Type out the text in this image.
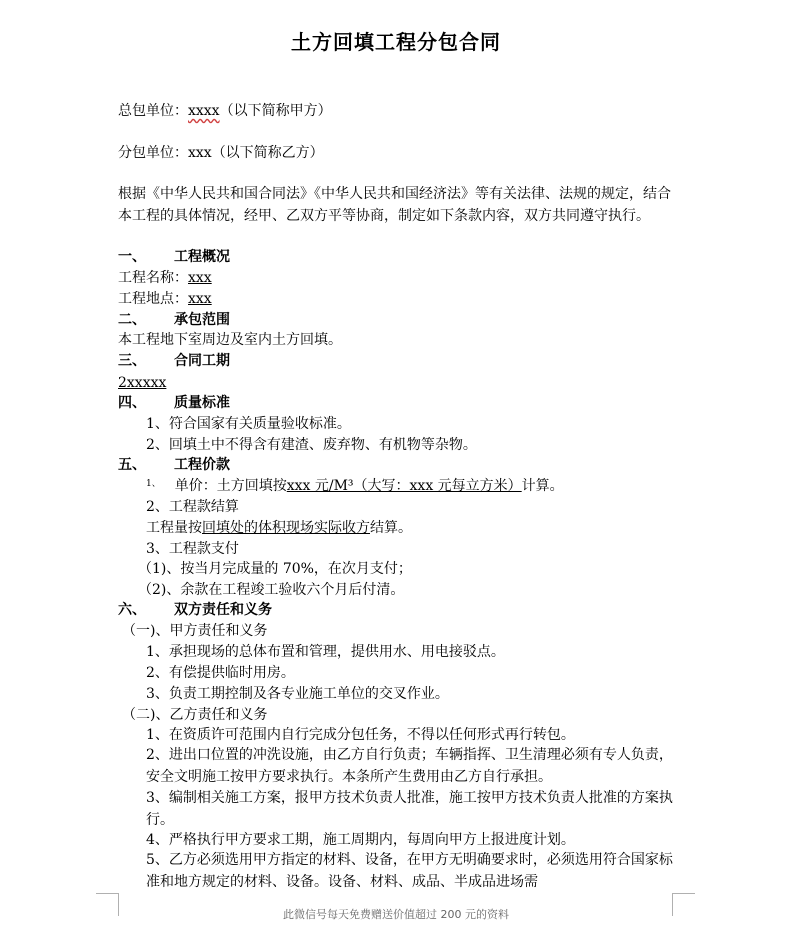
土方回填工程分包合同
总包单位：xxxx（以下简称甲方）
分包单位：xxx（以下简称乙方）
根据《中华人民共和国合同法》《中华人民共和国经济法》等有关法律、法规的规定，结合本工程的具体情况，经甲、乙双方平等协商，制定如下条款内容，双方共同遵守执行。
一、 工程概况
工程名称：xxx
工程地点：xxx
二、 承包范围
本工程地下室周边及室内土方回填。
三、 合同工期
2xxxxx
四、 质量标准
1、符合国家有关质量验收标准。
2、回填土中不得含有建渣、废弃物、有机物等杂物。
五、 工程价款
$^{1、}$ 单价：土方回填按xxx 元/M³（大写：xxx 元每立方米）计算。
2、工程款结算
工程量按回填处的体积现场实际收方结算。
3、工程款支付
（1)、按当月完成量的 70%，在次月支付；
（2)、余款在工程竣工验收六个月后付清。
六、 双方责任和义务
（一)、甲方责任和义务
1、承担现场的总体布置和管理，提供用水、用电接驳点。
2、有偿提供临时用房。
3、负责工期控制及各专业施工单位的交叉作业。
（二)、乙方责任和义务
1、在资质许可范围内自行完成分包任务，不得以任何形式再行转包。
2、进出口位置的冲洗设施，由乙方自行负责；车辆指挥、卫生清理必须有专人负责，安全文明施工按甲方要求执行。本条所产生费用由乙方自行承担。
3、编制相关施工方案，报甲方技术负责人批准，施工按甲方技术负责人批准的方案执行。
4、严格执行甲方要求工期，施工周期内，每周向甲方上报进度计划。
5、乙方必须选用甲方指定的材料、设备，在甲方无明确要求时，必须选用符合国家标准和地方规定的材料、设备。设备、材料、成品、半成品进场需
此微信号每天免费赠送价值超过 200 元的资料
